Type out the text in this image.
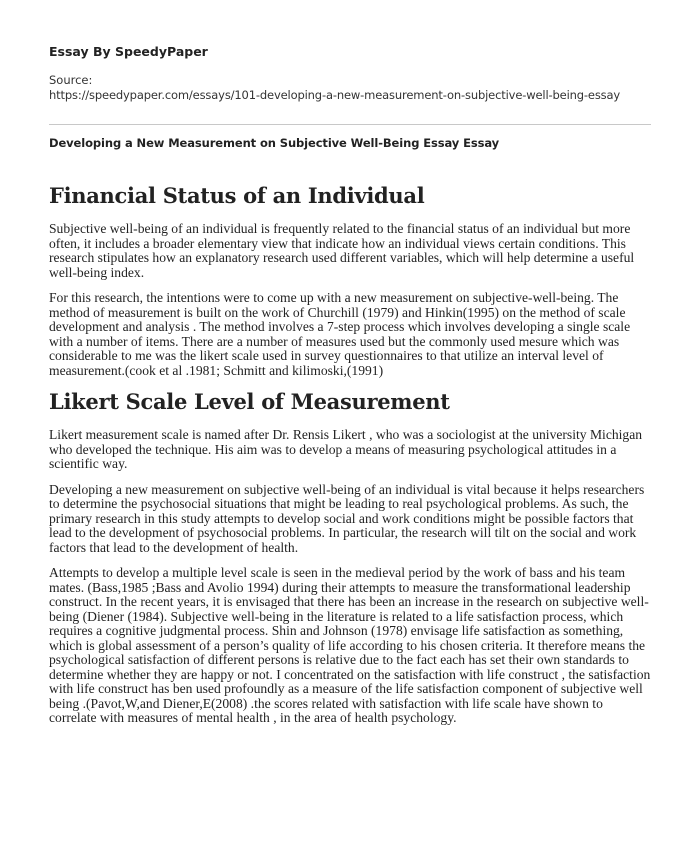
Essay By SpeedyPaper
Source:
https://speedypaper.com/essays/101-developing-a-new-measurement-on-subjective-well-being-essay
Developing a New Measurement on Subjective Well-Being Essay Essay
Financial Status of an Individual

Subjective well-being of an individual is frequently related to the financial status of an individual but more often, it includes a broader elementary view that indicate how an individual views certain conditions. This research stipulates how an explanatory research used different variables, which will help determine a useful well-being index.

For this research, the intentions were to come up with a new measurement on subjective-well-being. The method of measurement is built on the work of Churchill (1979) and Hinkin(1995) on the method of scale development and analysis . The method involves a 7-step process which involves developing a single scale with a number of items. There are a number of measures used but the commonly used mesure which was considerable to me was the likert scale used in survey questionnaires to that utilize an interval level of measurement.(cook et al .1981; Schmitt and kilimoski,(1991)

Likert Scale Level of Measurement

Likert measurement scale is named after Dr. Rensis Likert , who was a sociologist at the university Michigan who developed the technique. His aim was to develop a means of measuring psychological attitudes in a scientific way.

Developing a new measurement on subjective well-being of an individual is vital because it helps researchers to determine the psychosocial situations that might be leading to real psychological problems. As such, the primary research in this study attempts to develop social and work conditions might be possible factors that lead to the development of psychosocial problems. In particular, the research will tilt on the social and work factors that lead to the development of health.

Attempts to develop a multiple level scale is seen in the medieval period by the work of bass and his team mates. (Bass,1985 ;Bass and Avolio 1994) during their attempts to measure the transformational leadership construct. In the recent years, it is envisaged that there has been an increase in the research on subjective well-being (Diener (1984). Subjective well-being in the literature is related to a life satisfaction process, which requires a cognitive judgmental process. Shin and Johnson (1978) envisage life satisfaction as something, which is global assessment of a person’s quality of life according to his chosen criteria. It therefore means the psychological satisfaction of different persons is relative due to the fact each has set their own standards to determine whether they are happy or not. I concentrated on the satisfaction with life construct , the satisfaction with life construct has ben used profoundly as a measure of the life satisfaction component of subjective well being .(Pavot,W,and Diener,E(2008) .the scores related with satisfaction with life scale have shown to correlate with measures of mental health , in the area of health psychology.
